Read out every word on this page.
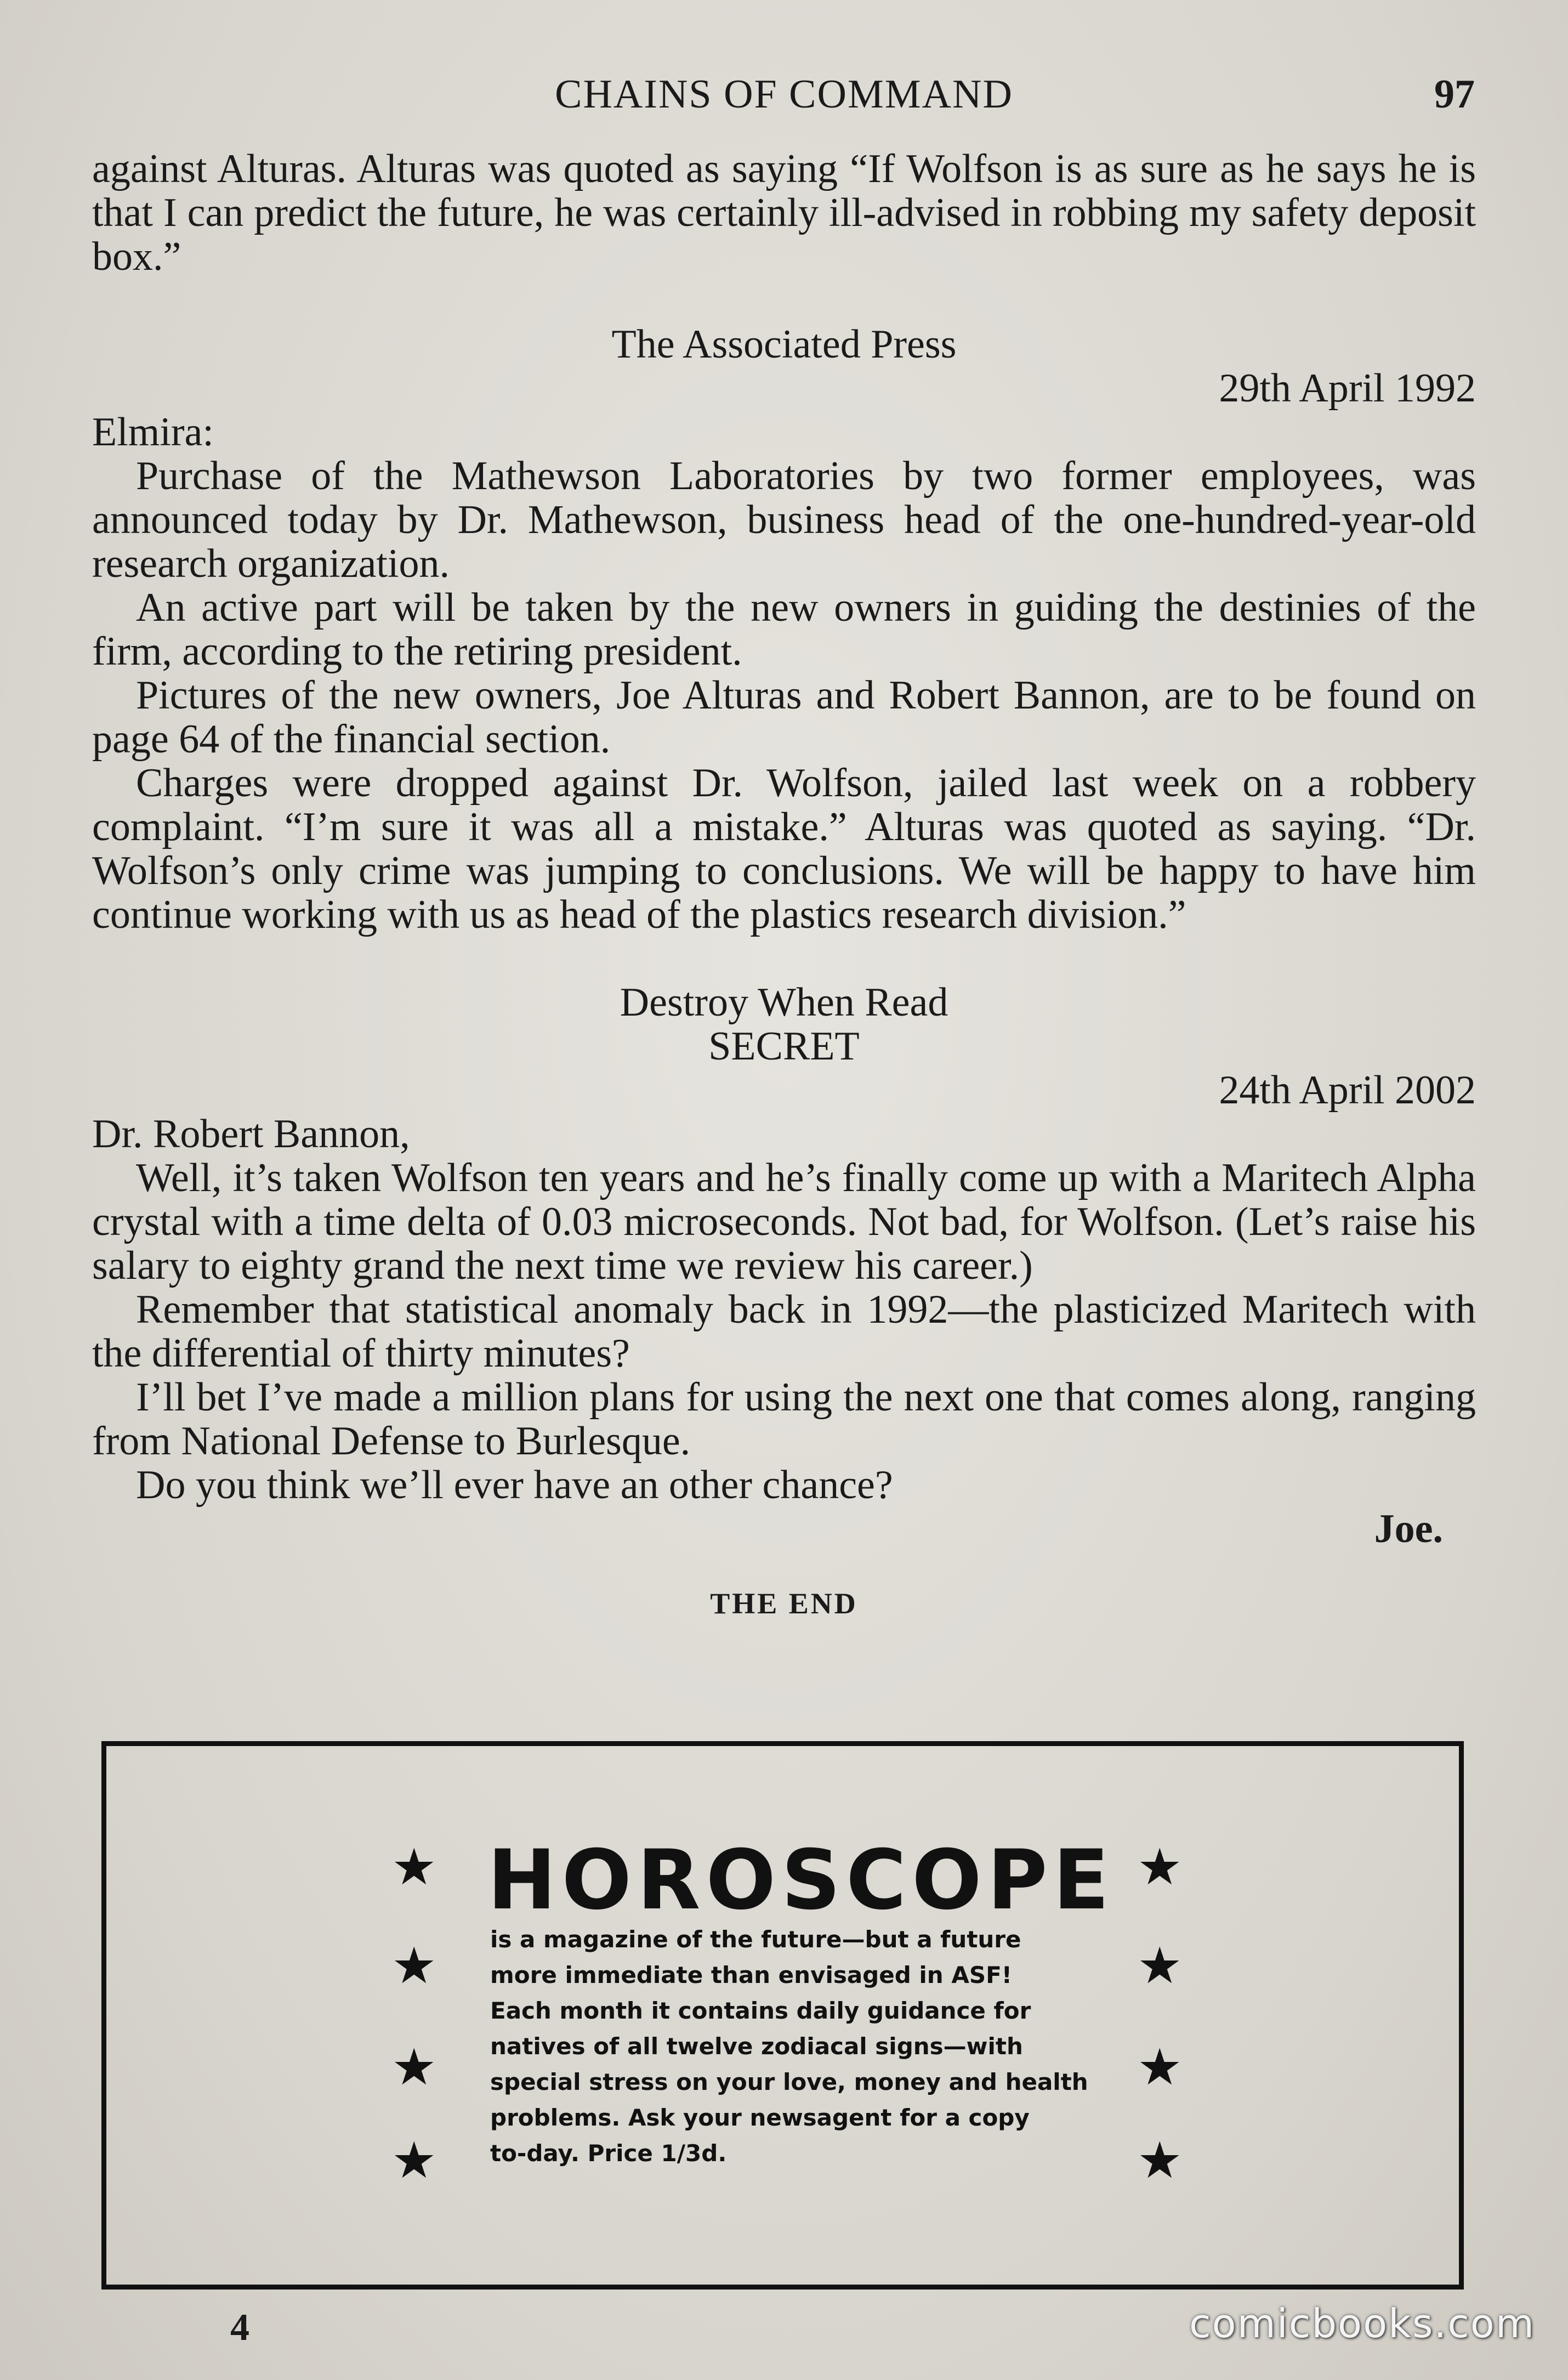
CHAINS OF COMMAND	97

against Alturas. Alturas was quoted as saying “If Wolfson is as sure as he says he is that I can predict the future, he was certainly ill-advised in robbing my safety deposit box.”

The Associated Press

29th April 1992

Elmira:

Purchase of the Mathewson Laboratories by two former employees, was announced today by Dr. Mathewson, business head of the one-hundred-year-old research organization.

An active part will be taken by the new owners in guiding the destinies of the firm, according to the retiring president.

Pictures of the new owners, Joe Alturas and Robert Bannon, are to be found on page 64 of the financial section.

Charges were dropped against Dr. Wolfson, jailed last week on a robbery complaint. “I’m sure it was all a mistake.” Alturas was quoted as saying. “Dr. Wolfson’s only crime was jumping to conclusions. We will be happy to have him continue working with us as head of the plastics research division.”

Destroy When Read

SECRET

24th April 2002

Dr. Robert Bannon,

Well, it’s taken Wolfson ten years and he’s finally come up with a Maritech Alpha crystal with a time delta of 0.03 microseconds. Not bad, for Wolfson. (Let’s raise his salary to eighty grand the next time we review his career.)

Remember that statistical anomaly back in 1992—the plasticized Maritech with the differential of thirty minutes?

I’ll bet I’ve made a million plans for using the next one that comes along, ranging from National Defense to Burlesque.

Do you think we’ll ever have an other chance?

Joe.

THE END

★
★
★
★
★
★
★
★
HOROSCOPE
is a magazine of the future—but a future
more immediate than envisaged in ASF!
Each month it contains daily guidance for
natives of all twelve zodiacal signs—with
special stress on your love, money and health
problems. Ask your newsagent for a copy
to-day. Price 1/3d.
4	comicbooks.com
